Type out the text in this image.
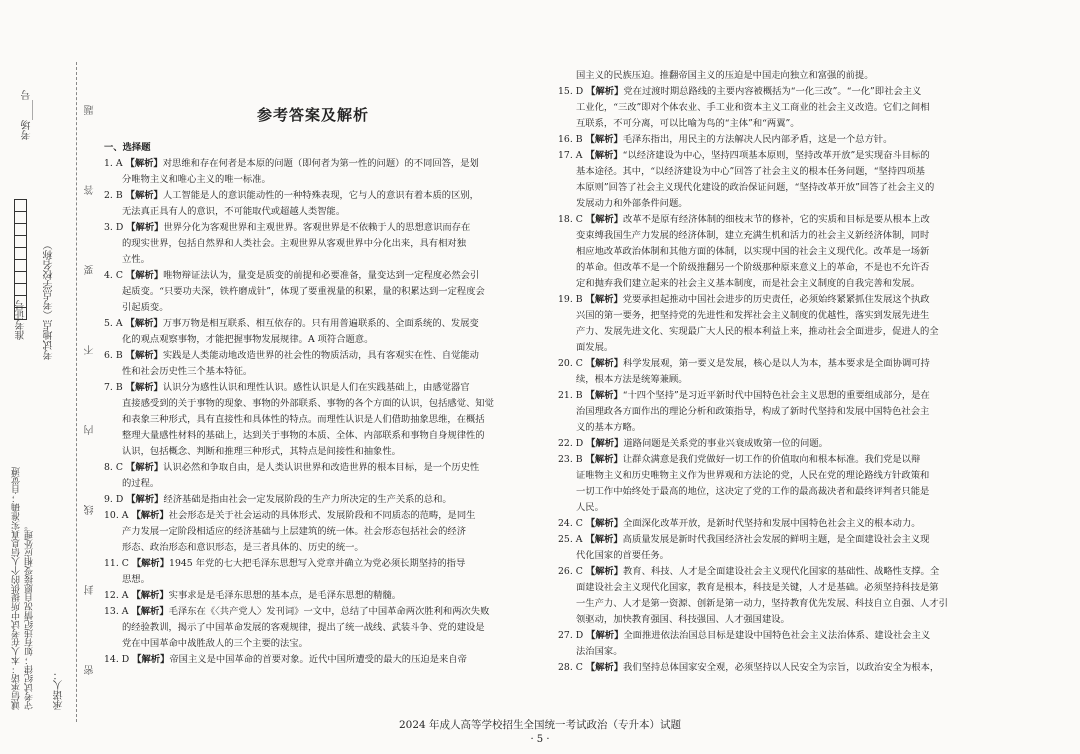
考场____号
准考证号 考试地点（考点学校名称）
诚信承诺：本人在考试中所提供的个人信息真实准确；自觉遵守考试纪律；如有违纪情况自愿接受相应处理。	承诺人： 密
封
线
内
不
要
答
题	参考答案及解析
一、选择题
1. A 【解析】对思维和存在何者是本原的问题（即何者为第一性的问题）的不同回答，是划
分唯物主义和唯心主义的唯一标准。
2. B 【解析】人工智能是人的意识能动性的一种特殊表现，它与人的意识有着本质的区别，
无法真正具有人的意识，不可能取代或超越人类智能。
3. D 【解析】世界分化为客观世界和主观世界。客观世界是不依赖于人的思想意识而存在
的现实世界，包括自然界和人类社会。主观世界从客观世界中分化出来，具有相对独
立性。
4. C 【解析】唯物辩证法认为，量变是质变的前提和必要准备，量变达到一定程度必然会引
起质变。“只要功夫深，铁杵磨成针”，体现了要重视量的积累，量的积累达到一定程度会
引起质变。
5. A 【解析】万事万物是相互联系、相互依存的。只有用普遍联系的、全面系统的、发展变
化的观点观察事物，才能把握事物发展规律。A 项符合题意。
6. B 【解析】实践是人类能动地改造世界的社会性的物质活动，具有客观实在性、自觉能动
性和社会历史性三个基本特征。
7. B 【解析】认识分为感性认识和理性认识。感性认识是人们在实践基础上，由感觉器官
直接感受到的关于事物的现象、事物的外部联系、事物的各个方面的认识，包括感觉、知觉
和表象三种形式，具有直接性和具体性的特点。而理性认识是人们借助抽象思维，在概括
整理大量感性材料的基础上，达到关于事物的本质、全体、内部联系和事物自身规律性的
认识，包括概念、判断和推理三种形式，其特点是间接性和抽象性。
8. C 【解析】认识必然和争取自由，是人类认识世界和改造世界的根本目标，是一个历史性
的过程。
9. D 【解析】经济基础是指由社会一定发展阶段的生产力所决定的生产关系的总和。
10. A 【解析】社会形态是关于社会运动的具体形式、发展阶段和不同质态的范畴，是同生
产力发展一定阶段相适应的经济基础与上层建筑的统一体。社会形态包括社会的经济
形态、政治形态和意识形态，是三者具体的、历史的统一。
11. C 【解析】1945 年党的七大把毛泽东思想写入党章并确立为党必须长期坚持的指导
思想。
12. A 【解析】实事求是是毛泽东思想的基本点，是毛泽东思想的精髓。
13. A 【解析】毛泽东在《〈共产党人〉发刊词》一文中，总结了中国革命两次胜利和两次失败
的经验教训，揭示了中国革命发展的客观规律，提出了统一战线、武装斗争、党的建设是
党在中国革命中战胜敌人的三个主要的法宝。
14. D 【解析】帝国主义是中国革命的首要对象。近代中国所遭受的最大的压迫是来自帝
国主义的民族压迫。推翻帝国主义的压迫是中国走向独立和富强的前提。
15. D 【解析】党在过渡时期总路线的主要内容被概括为“一化三改”。“一化”即社会主义
工业化，“三改”即对个体农业、手工业和资本主义工商业的社会主义改造。它们之间相
互联系，不可分离，可以比喻为鸟的“主体”和“两翼”。
16. B 【解析】毛泽东指出，用民主的方法解决人民内部矛盾，这是一个总方针。
17. A 【解析】“以经济建设为中心，坚持四项基本原则，坚持改革开放”是实现奋斗目标的
基本途径。其中，“以经济建设为中心”回答了社会主义的根本任务问题，“坚持四项基
本原则”回答了社会主义现代化建设的政治保证问题，“坚持改革开放”回答了社会主义的
发展动力和外部条件问题。
18. C 【解析】改革不是原有经济体制的细枝末节的修补，它的实质和目标是要从根本上改
变束缚我国生产力发展的经济体制，建立充满生机和活力的社会主义新经济体制，同时
相应地改革政治体制和其他方面的体制，以实现中国的社会主义现代化。改革是一场新
的革命。但改革不是一个阶级推翻另一个阶级那种原来意义上的革命，不是也不允许否
定和抛弃我们建立起来的社会主义基本制度，而是社会主义制度的自我完善和发展。
19. B 【解析】党要承担起推动中国社会进步的历史责任，必须始终紧紧抓住发展这个执政
兴国的第一要务，把坚持党的先进性和发挥社会主义制度的优越性，落实到发展先进生
产力、发展先进文化、实现最广大人民的根本利益上来，推动社会全面进步，促进人的全
面发展。
20. C 【解析】科学发展观，第一要义是发展，核心是以人为本，基本要求是全面协调可持
续，根本方法是统筹兼顾。
21. B 【解析】“十四个坚持”是习近平新时代中国特色社会主义思想的重要组成部分，是在
治国理政各方面作出的理论分析和政策指导，构成了新时代坚持和发展中国特色社会主
义的基本方略。
22. D 【解析】道路问题是关系党的事业兴衰成败第一位的问题。
23. B 【解析】让群众满意是我们党做好一切工作的价值取向和根本标准。我们党是以辩
证唯物主义和历史唯物主义作为世界观和方法论的党，人民在党的理论路线方针政策和
一切工作中始终处于最高的地位，这决定了党的工作的最高裁决者和最终评判者只能是
人民。
24. C 【解析】全面深化改革开放，是新时代坚持和发展中国特色社会主义的根本动力。
25. A 【解析】高质量发展是新时代我国经济社会发展的鲜明主题，是全面建设社会主义现
代化国家的首要任务。
26. C 【解析】教育、科技、人才是全面建设社会主义现代化国家的基础性、战略性支撑。全
面建设社会主义现代化国家，教育是根本，科技是关键，人才是基础。必须坚持科技是第
一生产力、人才是第一资源、创新是第一动力，坚持教育优先发展、科技自立自强、人才引
领驱动，加快教育强国、科技强国、人才强国建设。
27. D 【解析】全面推进依法治国总目标是建设中国特色社会主义法治体系、建设社会主义
法治国家。
28. C 【解析】我们坚持总体国家安全观，必须坚持以人民安全为宗旨，以政治安全为根本，
2024 年成人高等学校招生全国统一考试政治（专升本）试题
· 5 ·
